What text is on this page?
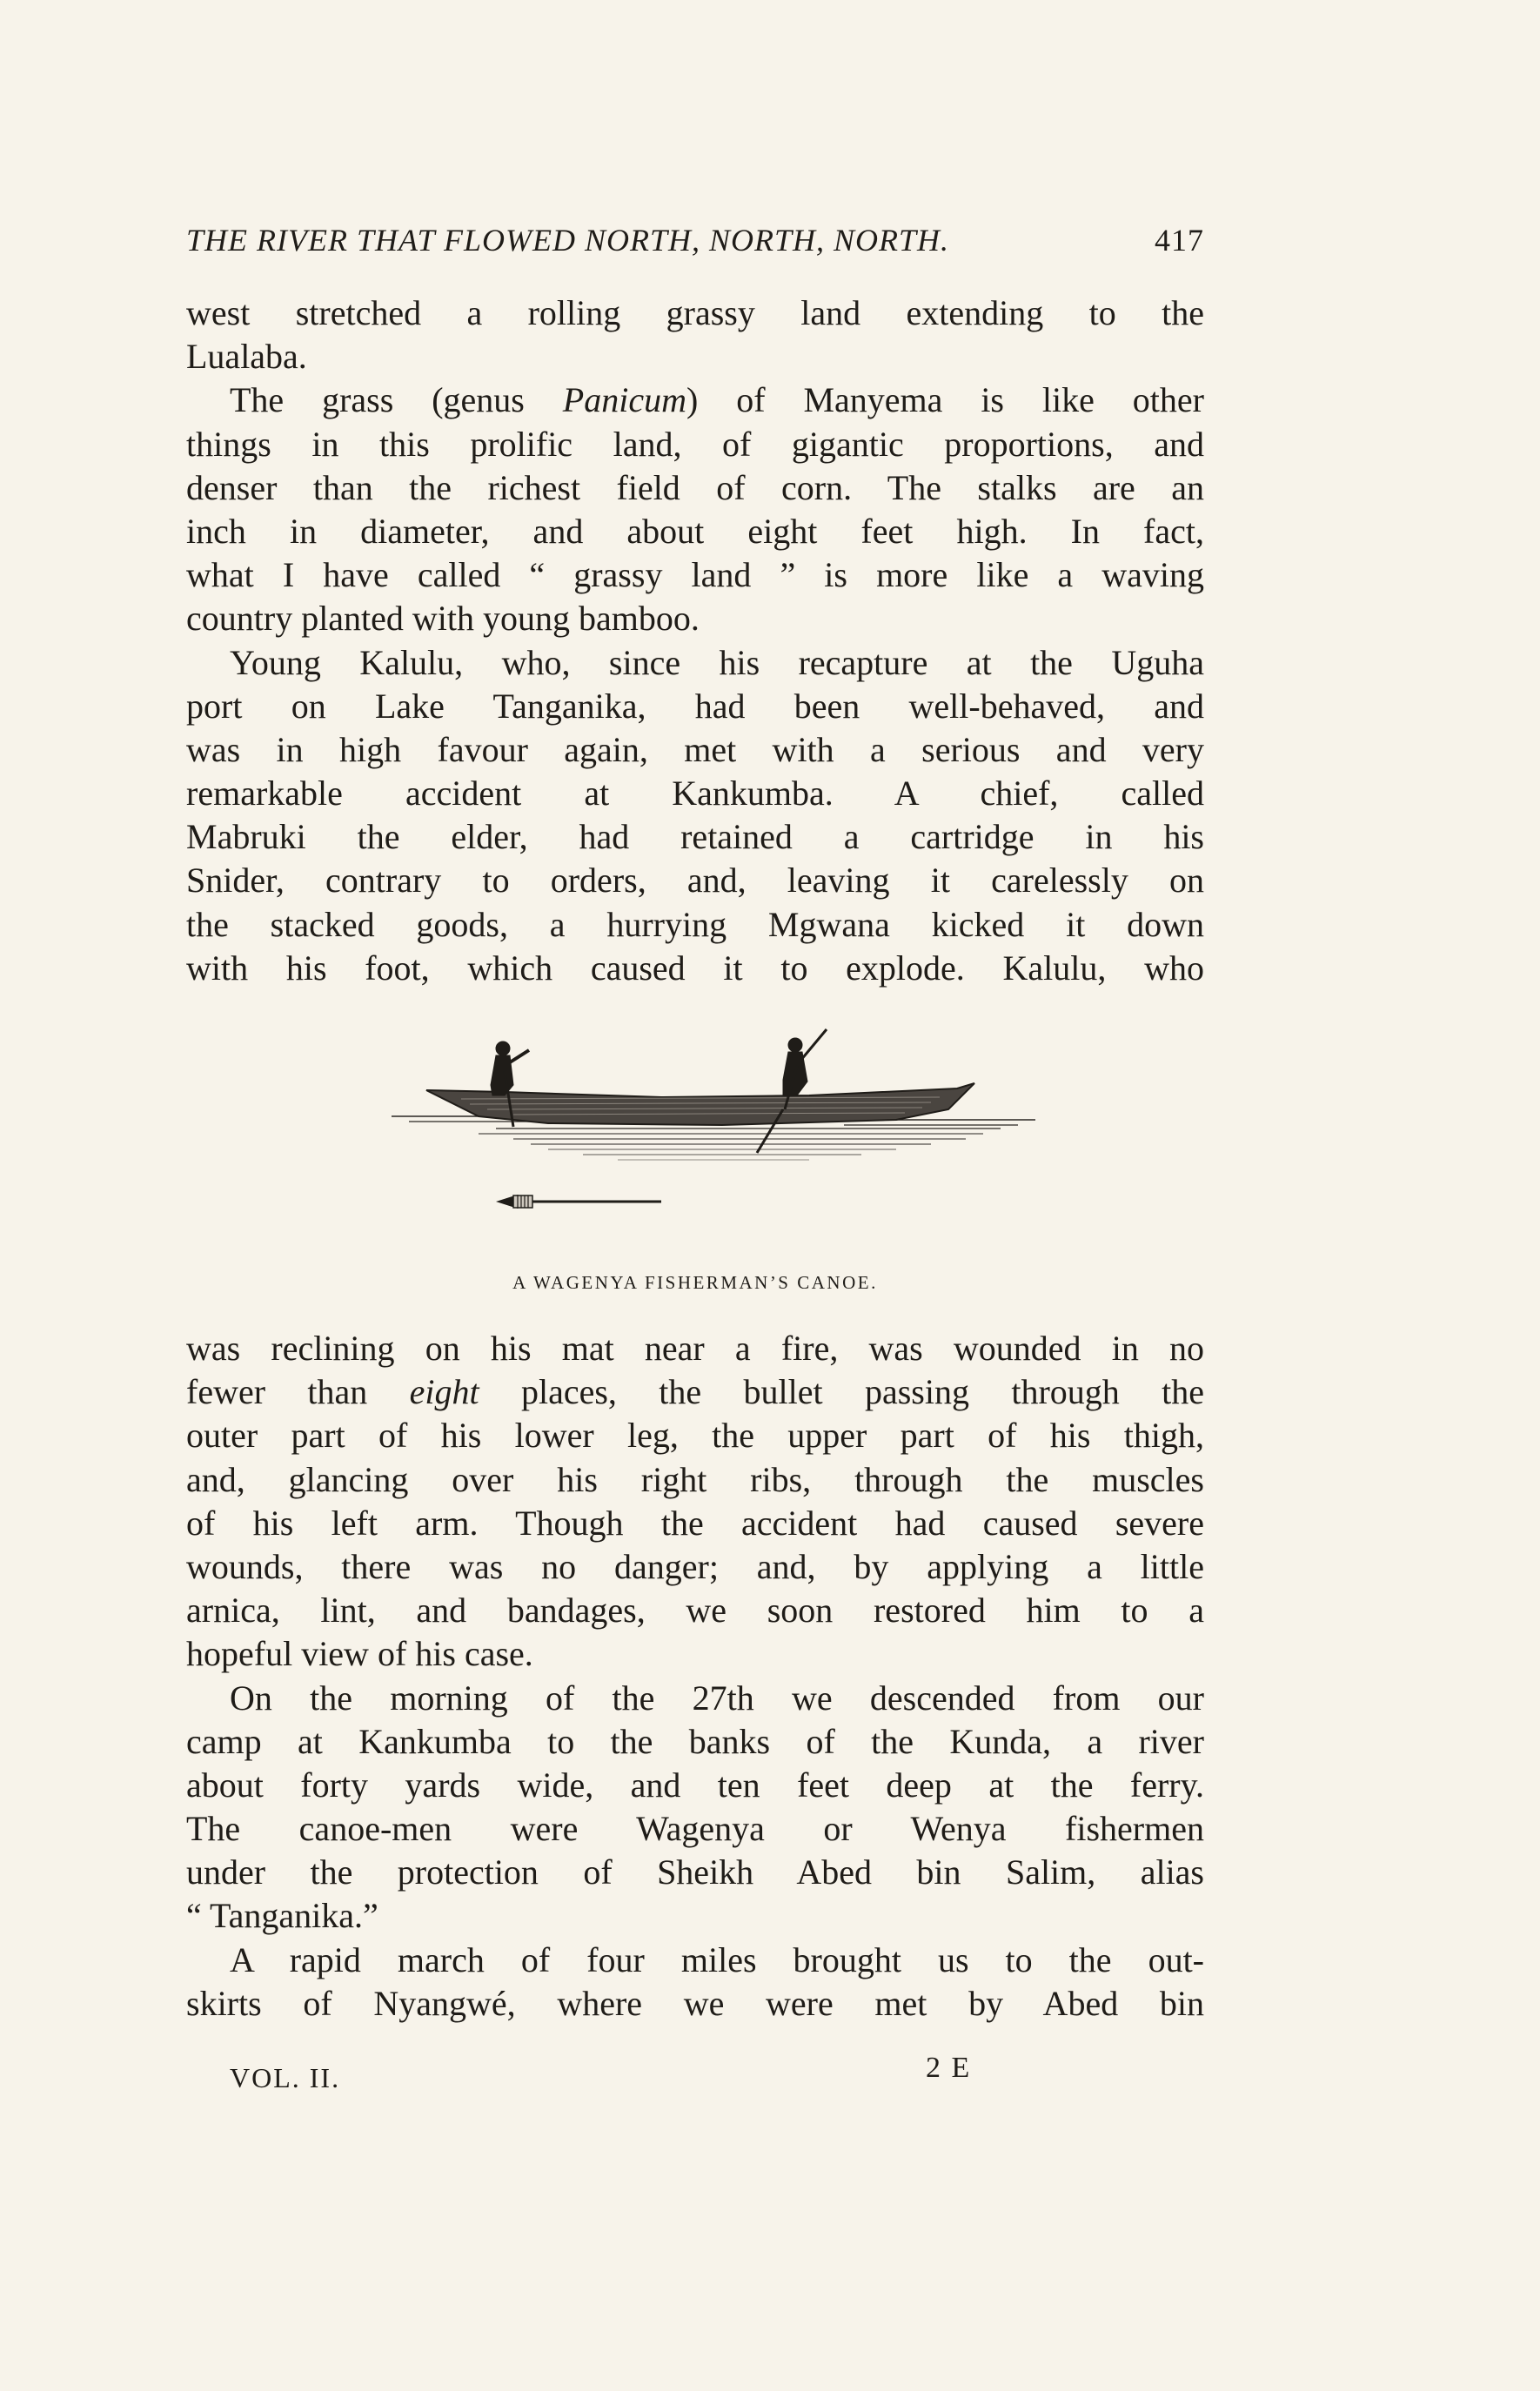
THE RIVER THAT FLOWED NORTH, NORTH, NORTH.	417
west stretched a rolling grassy land extending to the
Lualaba.
The grass (genus Panicum) of Manyema is like other
things in this prolific land, of gigantic proportions, and
denser than the richest field of corn. The stalks are an
inch in diameter, and about eight feet high. In fact,
what I have called “ grassy land ” is more like a waving
country planted with young bamboo.
Young Kalulu, who, since his recapture at the Uguha
port on Lake Tanganika, had been well-behaved, and
was in high favour again, met with a serious and very
remarkable accident at Kankumba. A chief, called
Mabruki the elder, had retained a cartridge in his
Snider, contrary to orders, and, leaving it carelessly on
the stacked goods, a hurrying Mgwana kicked it down
with his foot, which caused it to explode. Kalulu, who
A WAGENYA FISHERMAN’S CANOE.
was reclining on his mat near a fire, was wounded in no
fewer than eight places, the bullet passing through the
outer part of his lower leg, the upper part of his thigh,
and, glancing over his right ribs, through the muscles
of his left arm. Though the accident had caused severe
wounds, there was no danger; and, by applying a little
arnica, lint, and bandages, we soon restored him to a
hopeful view of his case.
On the morning of the 27th we descended from our
camp at Kankumba to the banks of the Kunda, a river
about forty yards wide, and ten feet deep at the ferry.
The canoe-men were Wagenya or Wenya fishermen
under the protection of Sheikh Abed bin Salim, alias
“ Tanganika.”
A rapid march of four miles brought us to the out-
skirts of Nyangwé, where we were met by Abed bin
VOL. II.	2 E
